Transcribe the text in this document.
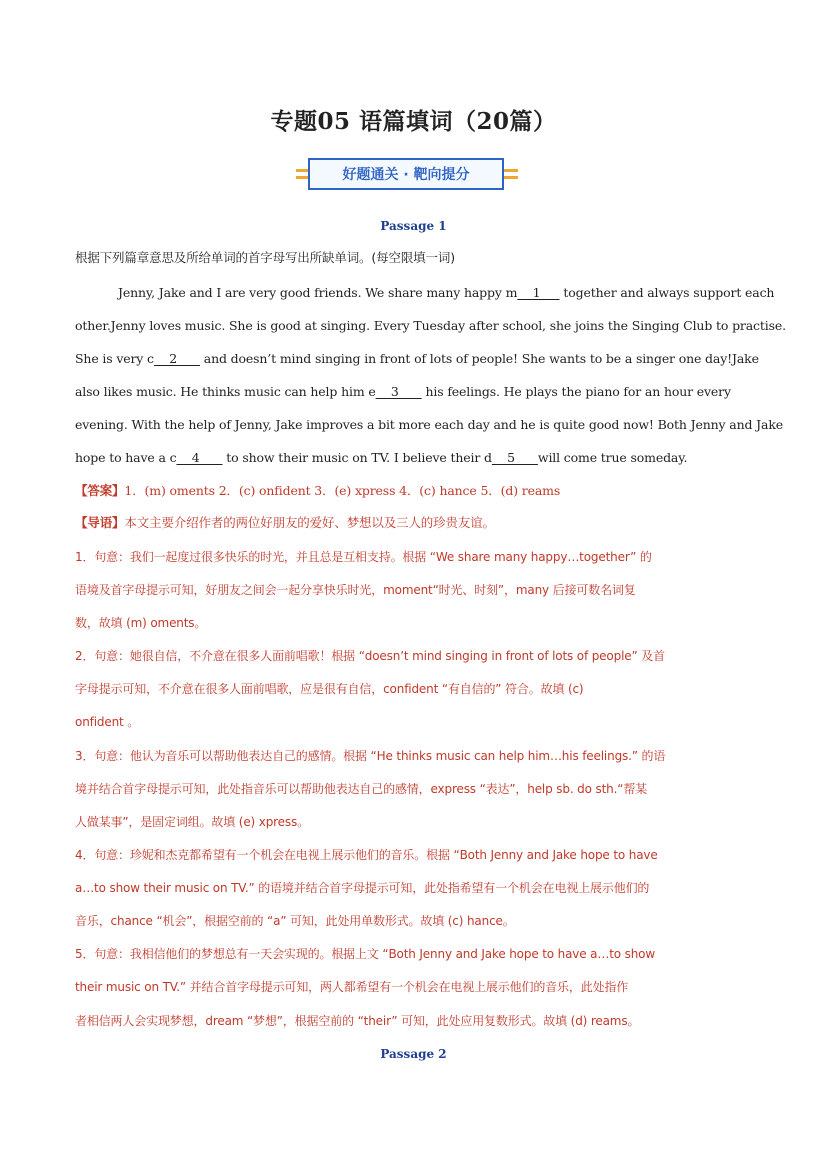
专题05 语篇填词（20篇）
好题通关 · 靶向提分
Passage 1
根据下列篇章意思及所给单词的首字母写出所缺单词。(每空限填一词)
Jenny, Jake and I are very good friends. We share many happy m    1      together and always support each
other.Jenny loves music. She is good at singing. Every Tuesday after school, she joins the Singing Club to practise.
She is very c    2       and doesn’t mind singing in front of lots of people! She wants to be a singer one day!Jake
also likes music. He thinks music can help him e    3       his feelings. He plays the piano for an hour every
evening. With the help of Jenny, Jake improves a bit more each day and he is quite good now! Both Jenny and Jake
hope to have a c    4       to show their music on TV. I believe their d    5      will come true someday.
【答案】1．(m) oments 2．(c) onfident 3．(e) xpress 4．(c) hance 5．(d) reams
【导语】本文主要介绍作者的两位好朋友的爱好、梦想以及三人的珍贵友谊。
1．句意：我们一起度过很多快乐的时光，并且总是互相支持。根据 “We share many happy…together” 的
语境及首字母提示可知，好朋友之间会一起分享快乐时光，moment“时光、时刻”，many 后接可数名词复
数，故填 (m) oments。
2．句意：她很自信，不介意在很多人面前唱歌！根据 “doesn’t mind singing in front of lots of people” 及首
字母提示可知，不介意在很多人面前唱歌，应是很有自信，confident “有自信的” 符合。故填 (c)
onfident 。
3．句意：他认为音乐可以帮助他表达自己的感情。根据 “He thinks music can help him…his feelings.” 的语
境并结合首字母提示可知，此处指音乐可以帮助他表达自己的感情，express “表达”，help sb. do sth.“帮某
人做某事”，是固定词组。故填 (e) xpress。
4．句意：珍妮和杰克都希望有一个机会在电视上展示他们的音乐。根据 “Both Jenny and Jake hope to have
a…to show their music on TV.” 的语境并结合首字母提示可知，此处指希望有一个机会在电视上展示他们的
音乐，chance “机会”，根据空前的 “a” 可知，此处用单数形式。故填 (c) hance。
5．句意：我相信他们的梦想总有一天会实现的。根据上文 “Both Jenny and Jake hope to have a…to show
their music on TV.” 并结合首字母提示可知，两人都希望有一个机会在电视上展示他们的音乐，此处指作
者相信两人会实现梦想，dream “梦想”，根据空前的 “their” 可知，此处应用复数形式。故填 (d) reams。
Passage 2
